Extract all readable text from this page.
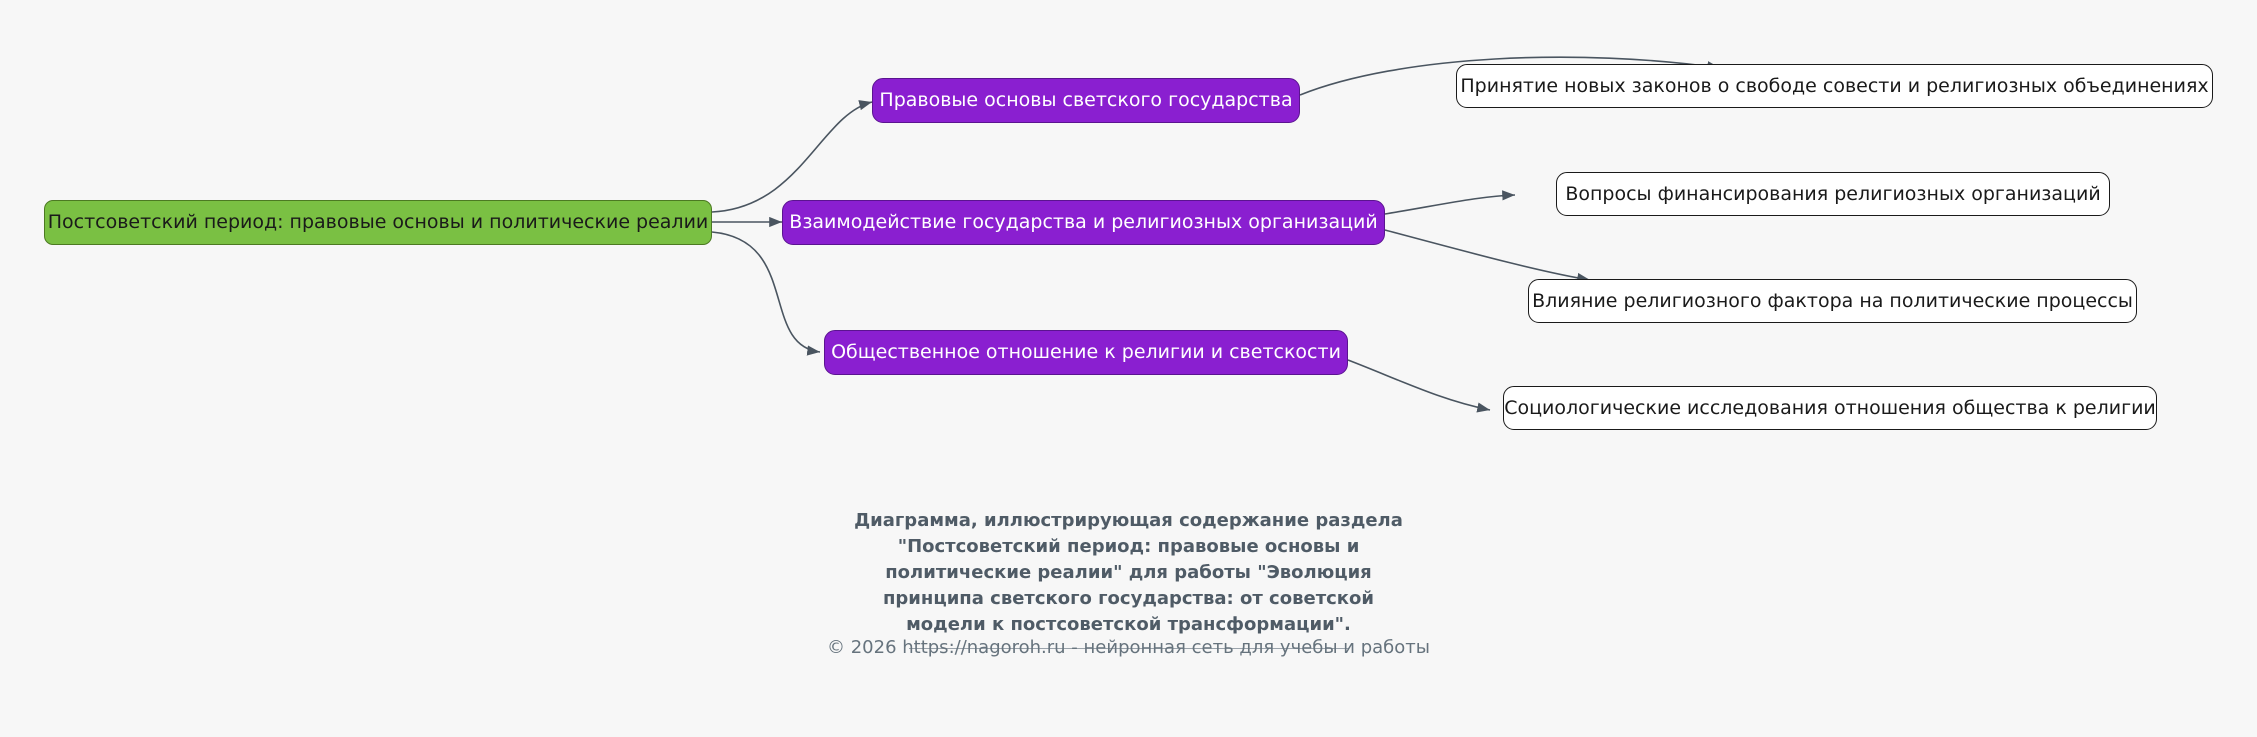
Постсоветский период: правовые основы и политические реалии
Правовые основы светского государства
Взаимодействие государства и религиозных организаций
Общественное отношение к религии и светскости
Принятие новых законов о свободе совести и религиозных объединениях
Вопросы финансирования религиозных организаций
Влияние религиозного фактора на политические процессы
Социологические исследования отношения общества к религии
Диаграмма, иллюстрирующая содержание раздела
"Постсоветский период: правовые основы и
политические реалии" для работы "Эволюция
принципа светского государства: от советской
модели к постсоветской трансформации".
© 2026 https://nagoroh.ru - нейронная сеть для учебы и работы
